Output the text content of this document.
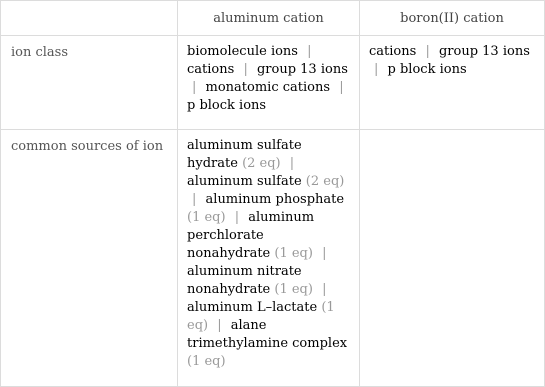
	aluminum cation	boron(II) cation
ion class	biomolecule ions | cations | group 13 ions | monatomic cations | p block ions	cations | group 13 ions | p block ions
common sources of ion	aluminum sulfate hydrate (2 eq) | aluminum sulfate (2 eq) | aluminum phosphate (1 eq) | aluminum perchlorate nonahydrate (1 eq) | aluminum nitrate nonahydrate (1 eq) | aluminum L–lactate (1 eq) | alane trimethylamine complex (1 eq)	
